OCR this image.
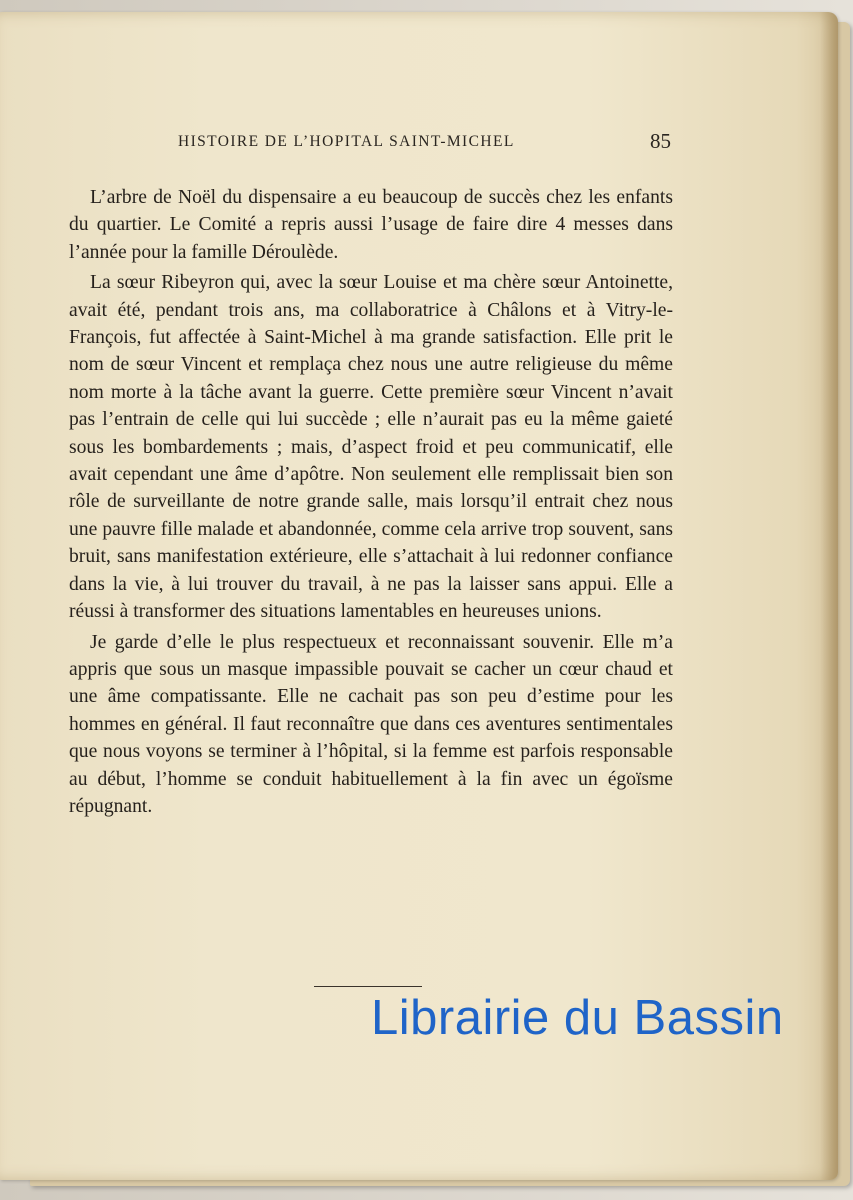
HISTOIRE DE L’HOPITAL SAINT-MICHEL	85

L’arbre de Noël du dispensaire a eu beaucoup de succès chez les enfants du quartier. Le Comité a repris aussi l’usage de faire dire 4 messes dans l’année pour la famille Déroulède.

La sœur Ribeyron qui, avec la sœur Louise et ma chère sœur Antoinette, avait été, pendant trois ans, ma collaboratrice à Châlons et à Vitry-le-François, fut affectée à Saint-Michel à ma grande satisfaction. Elle prit le nom de sœur Vincent et remplaça chez nous une autre religieuse du même nom morte à la tâche avant la guerre. Cette première sœur Vincent n’avait pas l’entrain de celle qui lui succède ; elle n’aurait pas eu la même gaieté sous les bombardements ; mais, d’aspect froid et peu communicatif, elle avait cependant une âme d’apôtre. Non seulement elle remplissait bien son rôle de surveillante de notre grande salle, mais lorsqu’il entrait chez nous une pauvre fille malade et abandonnée, comme cela arrive trop souvent, sans bruit, sans manifestation extérieure, elle s’attachait à lui redonner confiance dans la vie, à lui trouver du travail, à ne pas la laisser sans appui. Elle a réussi à transformer des situations lamentables en heureuses unions.

Je garde d’elle le plus respectueux et reconnaissant souvenir. Elle m’a appris que sous un masque impassible pouvait se cacher un cœur chaud et une âme compatissante. Elle ne cachait pas son peu d’estime pour les hommes en général. Il faut reconnaître que dans ces aventures sentimentales que nous voyons se terminer à l’hôpital, si la femme est parfois responsable au début, l’homme se conduit habituellement à la fin avec un égoïsme répugnant.

Librairie du Bassin
